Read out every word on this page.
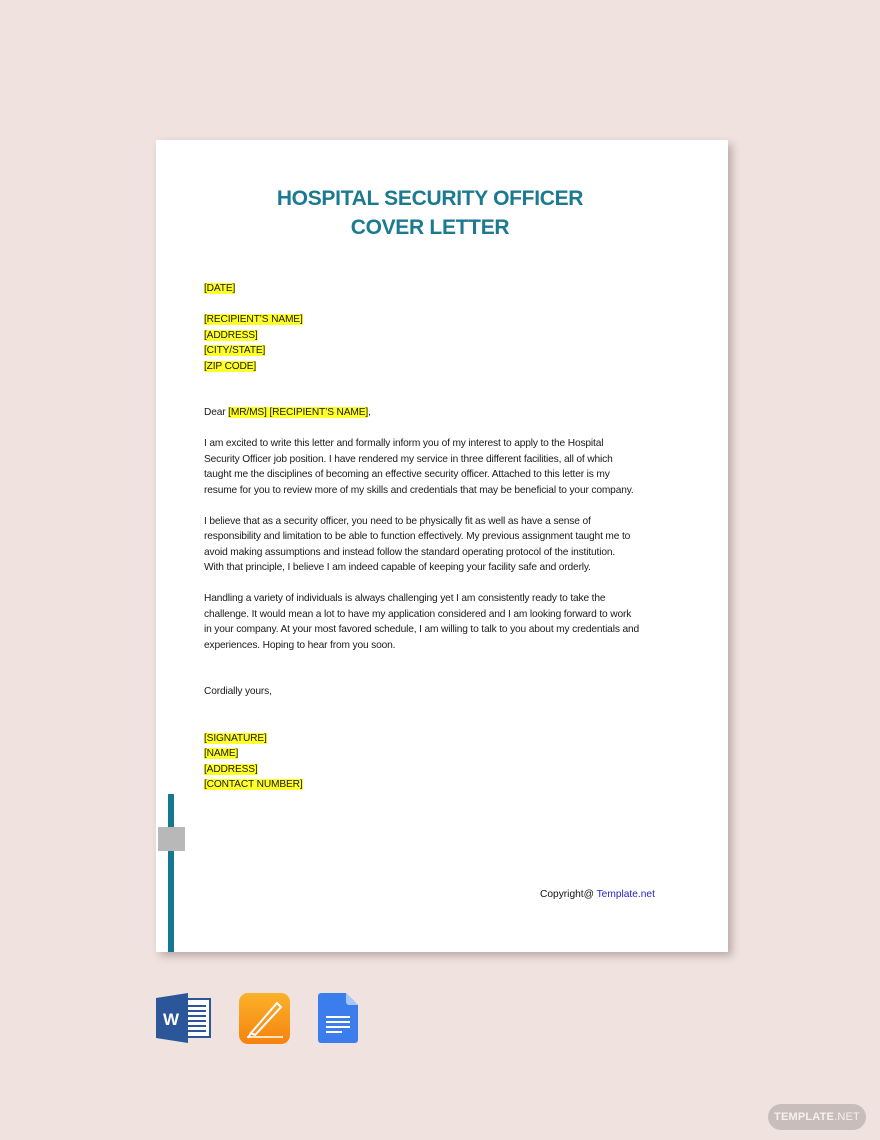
HOSPITAL SECURITY OFFICER
COVER LETTER
[DATE]
[RECIPIENT’S NAME]
[ADDRESS]
[CITY/STATE]
[ZIP CODE]
Dear [MR/MS] [RECIPIENT’S NAME],
I am excited to write this letter and formally inform you of my interest to apply to the Hospital
Security Officer job position. I have rendered my service in three different facilities, all of which
taught me the disciplines of becoming an effective security officer. Attached to this letter is my
resume for you to review more of my skills and credentials that may be beneficial to your company.
I believe that as a security officer, you need to be physically fit as well as have a sense of
responsibility and limitation to be able to function effectively. My previous assignment taught me to
avoid making assumptions and instead follow the standard operating protocol of the institution.
With that principle, I believe I am indeed capable of keeping your facility safe and orderly.
Handling a variety of individuals is always challenging yet I am consistently ready to take the
challenge. It would mean a lot to have my application considered and I am looking forward to work
in your company. At your most favored schedule, I am willing to talk to you about my credentials and
experiences. Hoping to hear from you soon.
Cordially yours,
[SIGNATURE]
[NAME]
[ADDRESS]
[CONTACT NUMBER]
Copyright@ Template.net
W
TEMPLATE.NET
